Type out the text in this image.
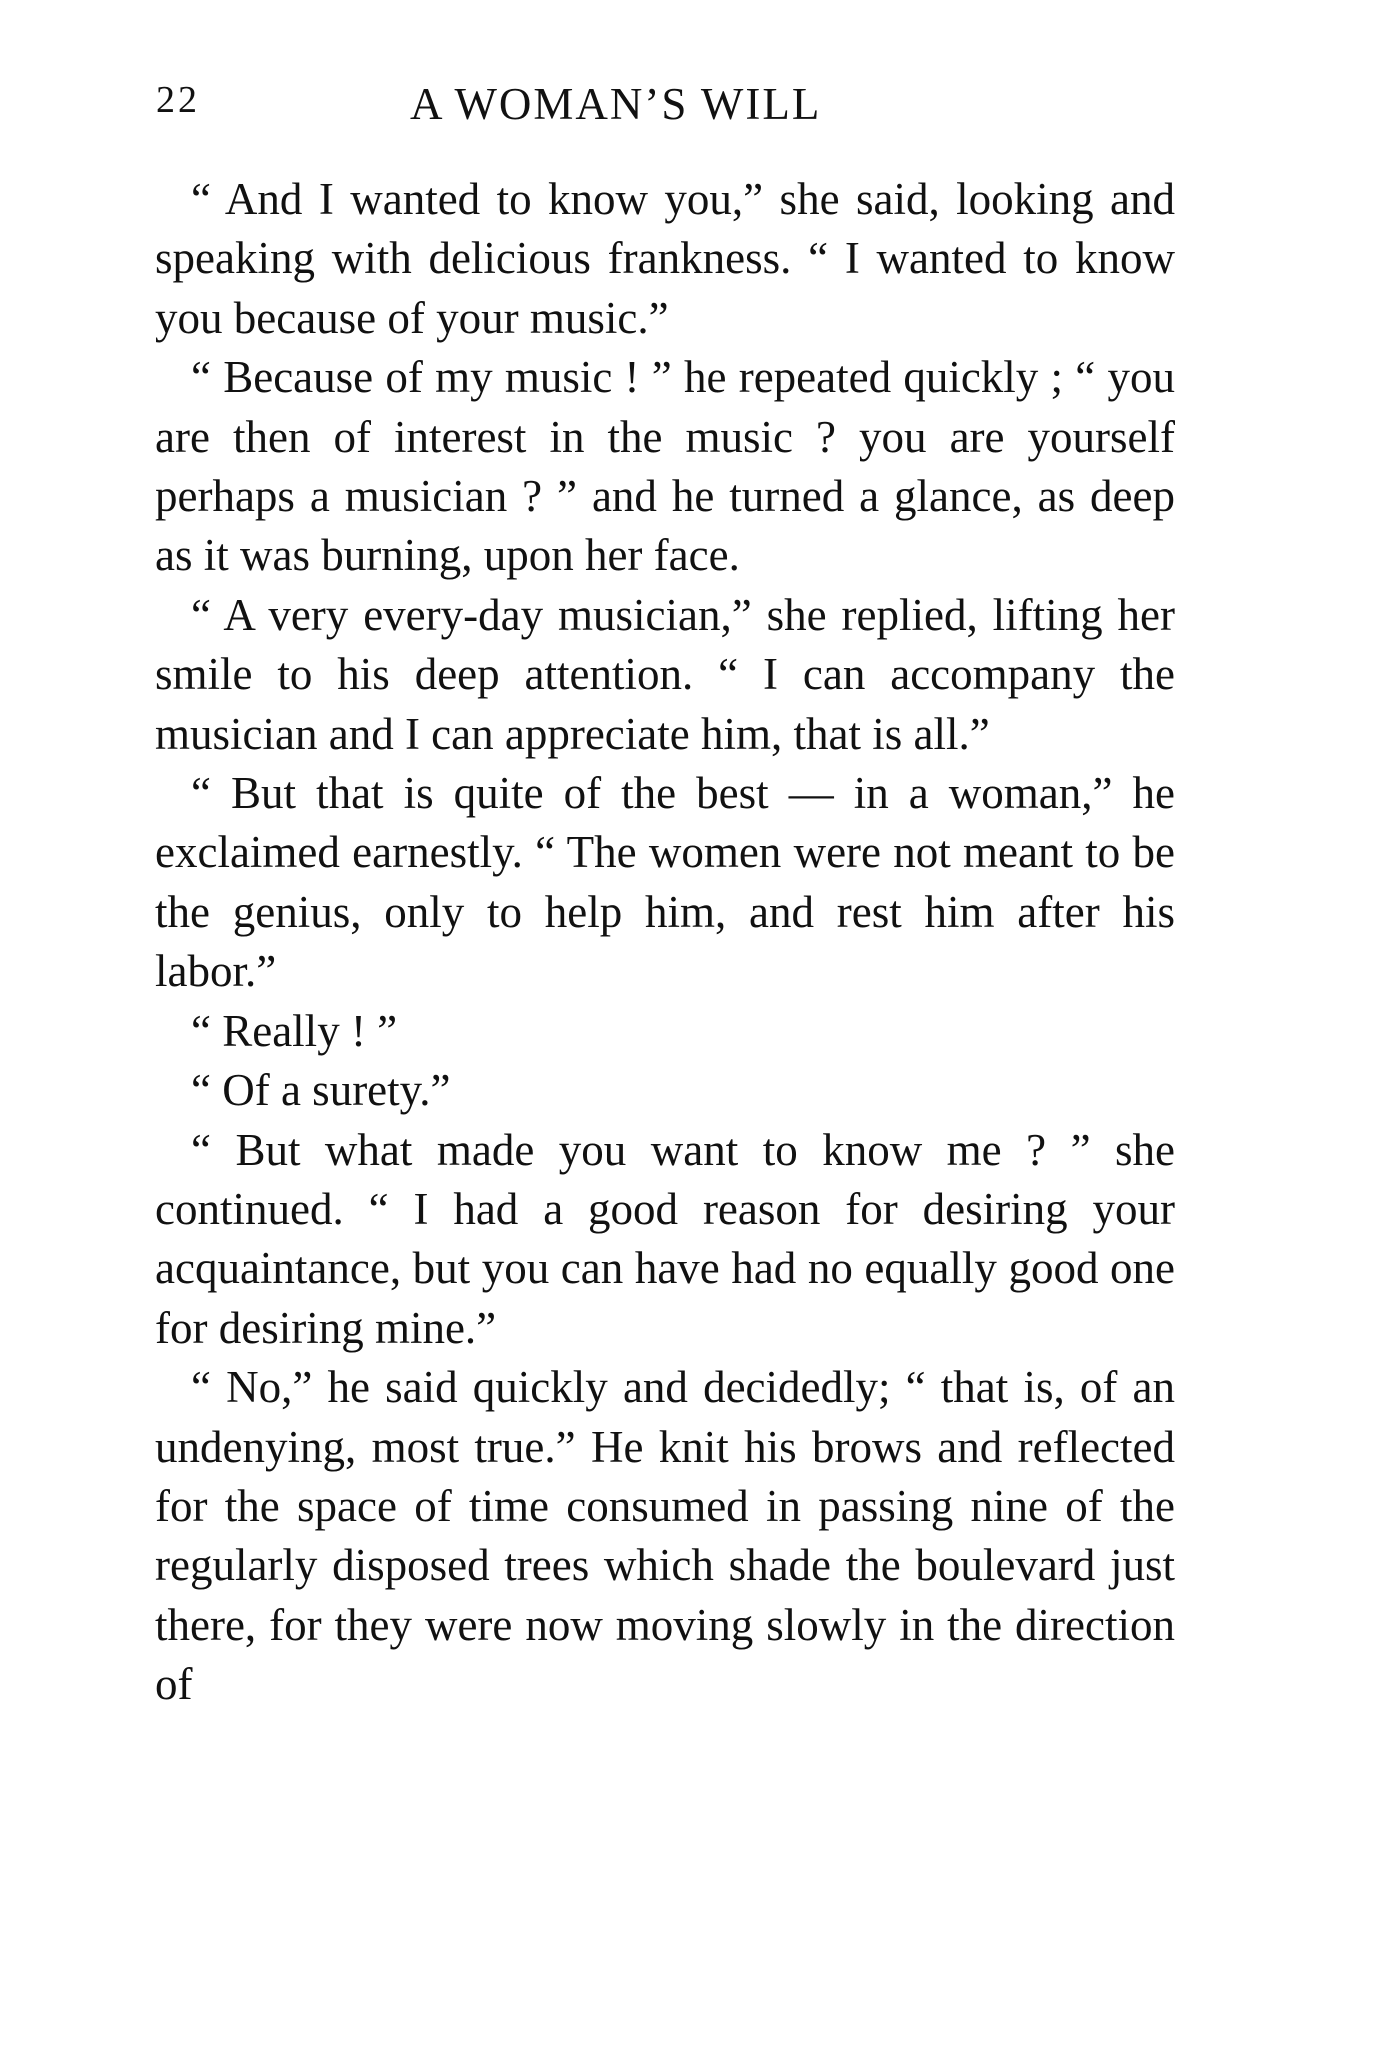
22	A WOMAN’S WILL

“ And I wanted to know you,” she said, looking and speaking with delicious frankness. “ I wanted to know you because of your music.”

“ Because of my music ! ” he repeated quickly ; “ you are then of interest in the music ? you are yourself perhaps a musician ? ” and he turned a glance, as deep as it was burning, upon her face.

“ A very every-day musician,” she replied, lifting her smile to his deep attention. “ I can accompany the musician and I can appreciate him, that is all.”

“ But that is quite of the best — in a woman,” he exclaimed earnestly. “ The women were not meant to be the genius, only to help him, and rest him after his labor.”

“ Really ! ”

“ Of a surety.”

“ But what made you want to know me ? ” she continued. “ I had a good reason for desiring your acquaintance, but you can have had no equally good one for desiring mine.”

“ No,” he said quickly and decidedly; “ that is, of an undenying, most true.” He knit his brows and reflected for the space of time consumed in passing nine of the regularly disposed trees which shade the boulevard just there, for they were now moving slowly in the direction of
